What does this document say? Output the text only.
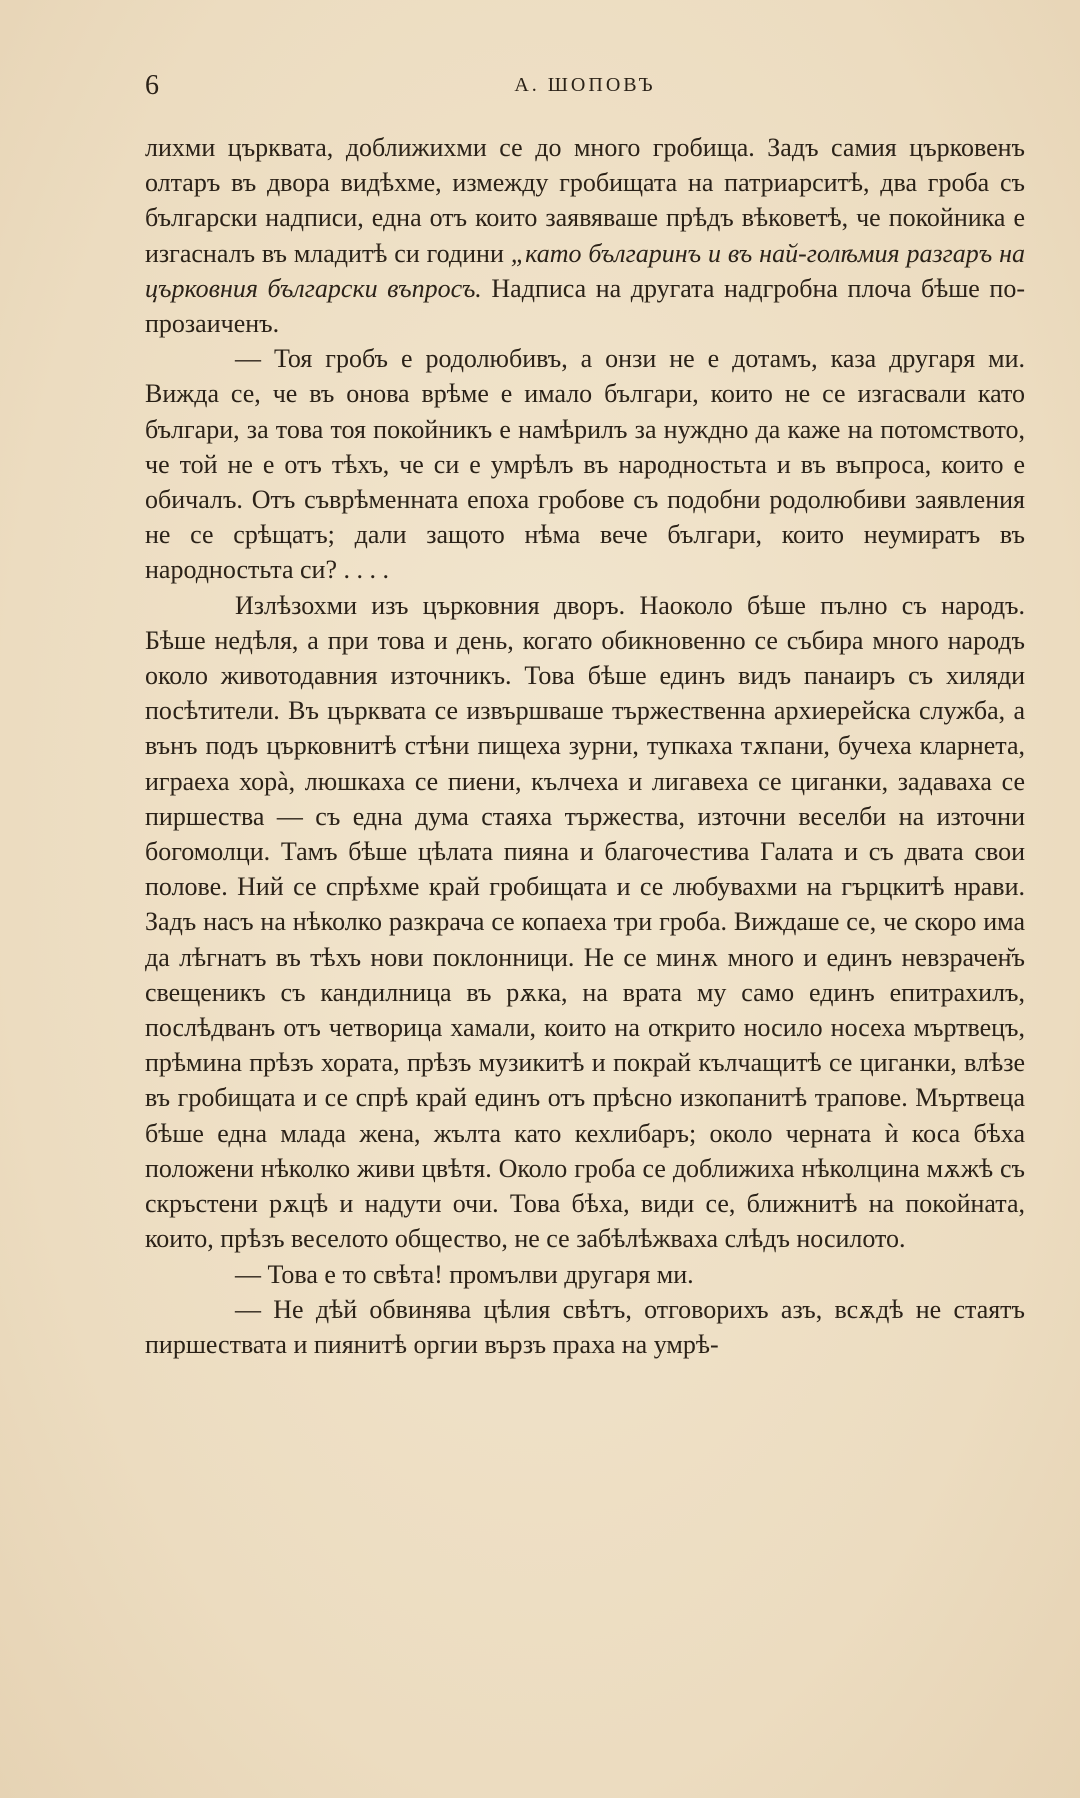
6	А. ШОПОВЪ

лихми църквата, доближихми се до много гробища. Задъ самия църковенъ олтаръ въ двора видѣхме, измежду гробищата на патриарситѣ, два гроба съ български надписи, една отъ които заявяваше прѣдъ вѣковетѣ, че покойника е изгасналъ въ младитѣ си години „като българинъ и въ най-голѣмия разгаръ на църковния български въпросъ. Надписа на другата надгробна плоча бѣше по-прозаиченъ.

— Тоя гробъ е родолюбивъ, а онзи не е дотамъ, каза другаря ми. Вижда се, че въ онова врѣме е имало българи, които не се изгасвали като българи, за това тоя покойникъ е намѣрилъ за нуждно да каже на потомството, че той не е отъ тѣхъ, че си е умрѣлъ въ народностьта и въ въпроса, които е обичалъ. Отъ съврѣменната епоха гробове съ подобни родолюбиви заявления не се срѣщатъ; дали защото нѣма вече българи, които неумиратъ въ народностьта си? . . . .

Излѣзохми изъ църковния дворъ. Наоколо бѣше пълно съ народъ. Бѣше недѣля, а при това и день, когато обикновенно се събира много народъ около животодавния източникъ. Това бѣше единъ видъ панаиръ съ хиляди посѣтители. Въ църквата се извършваше тържественна архиерейска служба, а вънъ подъ църковнитѣ стѣни пищеха зурни, тупкаха тѫпани, бучеха кларнета, играеха хорà, люшкаха се пиени, кълчеха и лигавеха се циганки, задаваха се пиршества — съ една дума стаяха тържества, източни веселби на източни богомолци. Тамъ бѣше цѣлата пияна и благочестива Галата и съ двата свои полове. Ний се спрѣхме край гробищата и се любувахми на гърцкитѣ нрави. Задъ насъ на нѣколко разкрача се копаеха три гроба. Виждаше се, че скоро има да лѣгнатъ въ тѣхъ нови поклонници. Не се минѫ много и единъ невзрачен̆ъ свещеникъ съ кандилница въ рѫка, на врата му само единъ епитрахилъ, послѣдванъ отъ четворица хамали, които на открито носило носеха мъртвецъ, прѣмина прѣзъ хората, прѣзъ музикитѣ и покрай кълчащитѣ се циганки, влѣзе въ гробищата и се спрѣ край единъ отъ прѣсно изкопанитѣ трапове. Мъртвеца бѣше една млада жена, жълта като кехлибаръ; около черната ѝ коса бѣха положени нѣколко живи цвѣтя. Около гроба се доближиха нѣколцина мѫжѣ съ скръстени рѫцѣ и надути очи. Това бѣха, види се, ближнитѣ на покойната, които, прѣзъ веселото общество, не се забѣлѣжваха слѣдъ носилото.

— Това е то свѣта! промълви другаря ми.

— Не дѣй обвинява цѣлия свѣтъ, отговорихъ азъ, всѫдѣ не стаятъ пиршествата и пиянитѣ оргии вързъ праха на умрѣ-
